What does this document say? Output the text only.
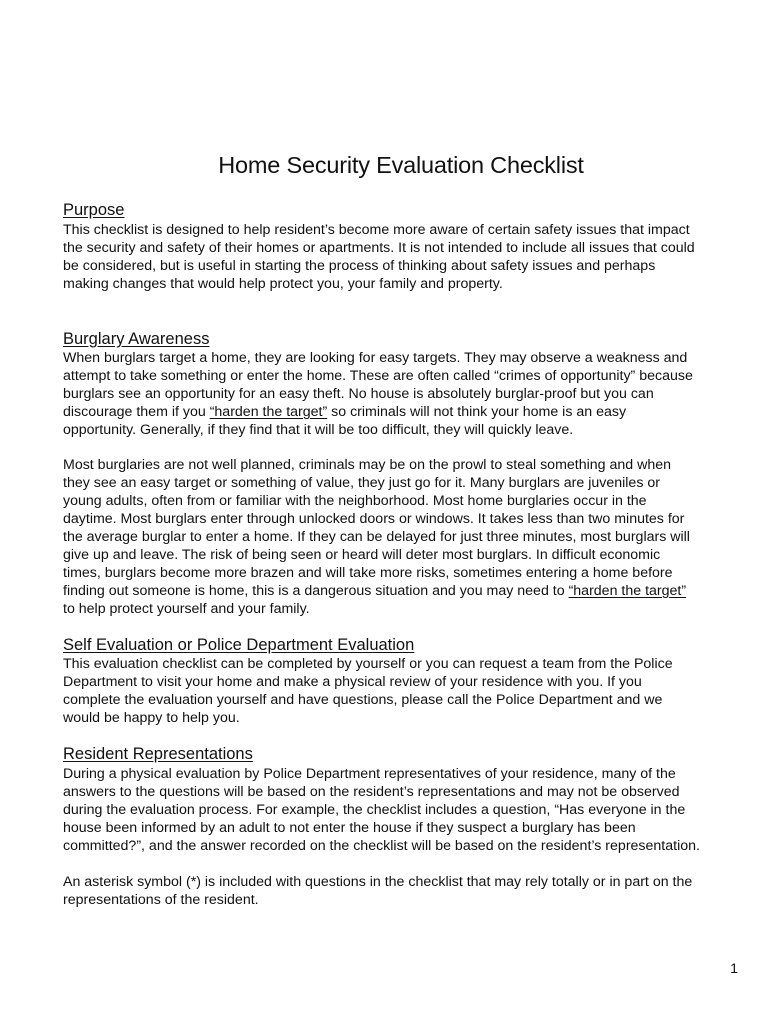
Home Security Evaluation Checklist
Purpose
This checklist is designed to help resident’s become more aware of certain safety issues that impact
the security and safety of their homes or apartments. It is not intended to include all issues that could
be considered, but is useful in starting the process of thinking about safety issues and perhaps
making changes that would help protect you, your family and property.
Burglary Awareness
When burglars target a home, they are looking for easy targets. They may observe a weakness and
attempt to take something or enter the home. These are often called “crimes of opportunity” because
burglars see an opportunity for an easy theft. No house is absolutely burglar-proof but you can
discourage them if you “harden the target” so criminals will not think your home is an easy
opportunity. Generally, if they find that it will be too difficult, they will quickly leave.
Most burglaries are not well planned, criminals may be on the prowl to steal something and when
they see an easy target or something of value, they just go for it. Many burglars are juveniles or
young adults, often from or familiar with the neighborhood. Most home burglaries occur in the
daytime. Most burglars enter through unlocked doors or windows. It takes less than two minutes for
the average burglar to enter a home. If they can be delayed for just three minutes, most burglars will
give up and leave. The risk of being seen or heard will deter most burglars. In difficult economic
times, burglars become more brazen and will take more risks, sometimes entering a home before
finding out someone is home, this is a dangerous situation and you may need to “harden the target”
to help protect yourself and your family.
Self Evaluation or Police Department Evaluation
This evaluation checklist can be completed by yourself or you can request a team from the Police
Department to visit your home and make a physical review of your residence with you. If you
complete the evaluation yourself and have questions, please call the Police Department and we
would be happy to help you.
Resident Representations
During a physical evaluation by Police Department representatives of your residence, many of the
answers to the questions will be based on the resident’s representations and may not be observed
during the evaluation process. For example, the checklist includes a question, “Has everyone in the
house been informed by an adult to not enter the house if they suspect a burglary has been
committed?”, and the answer recorded on the checklist will be based on the resident’s representation.
An asterisk symbol (*) is included with questions in the checklist that may rely totally or in part on the
representations of the resident.
1
